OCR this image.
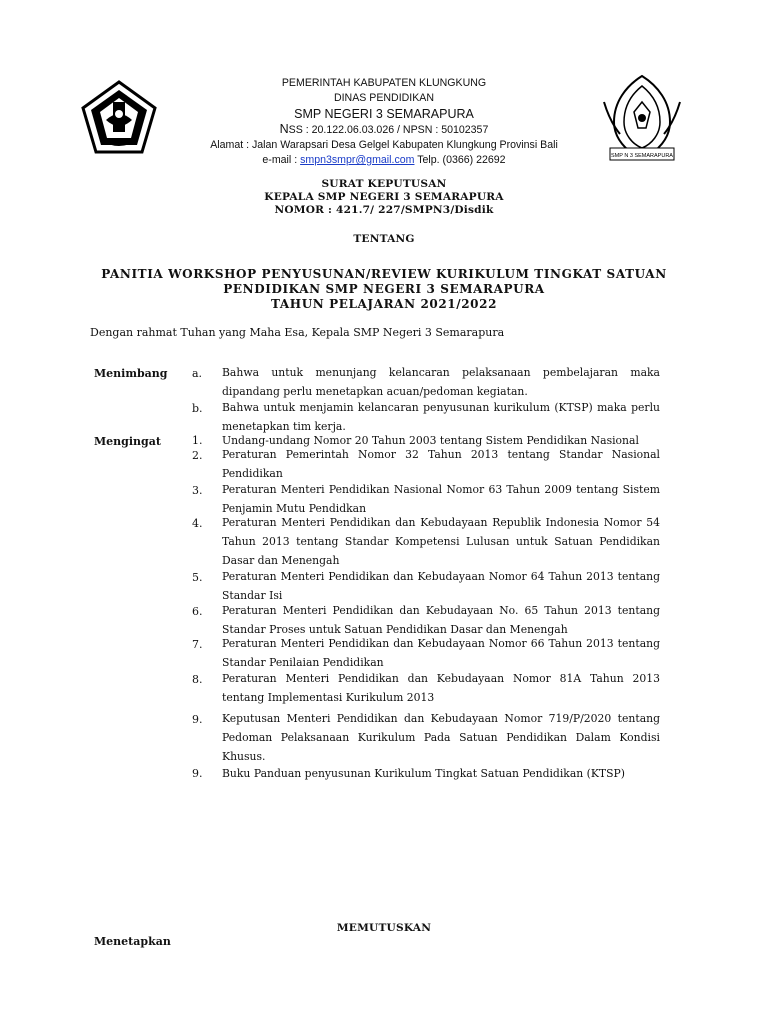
SMP N 3 SEMARAPURA
PEMERINTAH KABUPATEN KLUNGKUNG
DINAS PENDIDIKAN
SMP NEGERI 3 SEMARAPURA
NSS : 20.122.06.03.026 / NPSN : 50102357
Alamat : Jalan Warapsari Desa Gelgel Kabupaten Klungkung Provinsi Bali
e-mail : smpn3smpr@gmail.com Telp. (0366) 22692
SURAT KEPUTUSAN
KEPALA SMP NEGERI 3 SEMARAPURA
NOMOR : 421.7/ 227/SMPN3/Disdik
TENTANG
PANITIA WORKSHOP PENYUSUNAN/REVIEW KURIKULUM TINGKAT SATUAN
PENDIDIKAN SMP NEGERI 3 SEMARAPURA
TAHUN PELAJARAN 2021/2022
Dengan rahmat Tuhan yang Maha Esa, Kepala SMP Negeri 3 Semarapura
Menimbang a.	Bahwa untuk menunjang kelancaran pelaksanaan pembelajaran maka dipandang perlu menetapkan acuan/pedoman kegiatan.
b.	Bahwa untuk menjamin kelancaran penyusunan kurikulum (KTSP) maka perlu menetapkan tim kerja.
Mengingat	1.	Undang-undang Nomor 20 Tahun 2003 tentang Sistem Pendidikan Nasional
2.	Peraturan Pemerintah Nomor 32 Tahun 2013 tentang Standar Nasional Pendidikan
3.	Peraturan Menteri Pendidikan Nasional Nomor 63 Tahun 2009 tentang Sistem Penjamin Mutu Pendidkan
4.	Peraturan Menteri Pendidikan dan Kebudayaan Republik Indonesia Nomor 54 Tahun 2013 tentang Standar Kompetensi Lulusan untuk Satuan Pendidikan Dasar dan Menengah
5.	Peraturan Menteri Pendidikan dan Kebudayaan Nomor 64 Tahun 2013 tentang Standar Isi
6.	Peraturan Menteri Pendidikan dan Kebudayaan No. 65 Tahun 2013 tentang Standar Proses untuk Satuan Pendidikan Dasar dan Menengah
7.	Peraturan Menteri Pendidikan dan Kebudayaan Nomor 66 Tahun 2013 tentang Standar Penilaian Pendidikan
8.	Peraturan Menteri Pendidikan dan Kebudayaan Nomor 81A Tahun 2013 tentang Implementasi Kurikulum 2013
9.	Keputusan Menteri Pendidikan dan Kebudayaan Nomor 719/P/2020 tentang Pedoman Pelaksanaan Kurikulum Pada Satuan Pendidikan Dalam Kondisi Khusus.
9.	Buku Panduan penyusunan Kurikulum Tingkat Satuan Pendidikan (KTSP)
MEMUTUSKAN
Menetapkan
